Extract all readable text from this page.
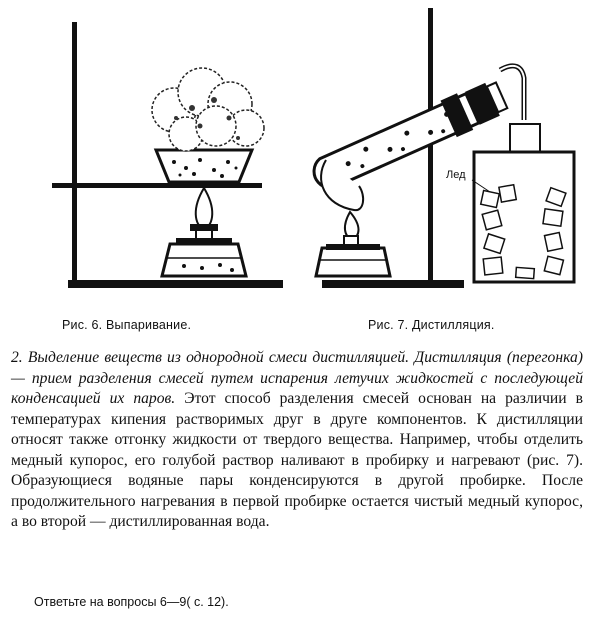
Лед
Рис. 6. Выпаривание.	Рис. 7. Дистилляция.

2. Выделение веществ из однородной смеси дистилляцией. Дистилляция (перегонка) — прием разделения смесей путем испарения летучих жидкостей с последующей конденсацией их паров. Этот способ разделения смесей основан на различии в температурах кипения растворимых друг в друге компонентов. К дистилляции относят также отгонку жидкости от твердого вещества. Например, чтобы отделить медный купорос, его голубой раствор наливают в пробирку и нагревают (рис. 7). Образующиеся водяные пары конденсируются в другой пробирке. После продолжительного нагревания в первой пробирке остается чистый медный купорос, а во второй — дистиллированная вода.

Ответьте на вопросы 6—9( с. 12).
